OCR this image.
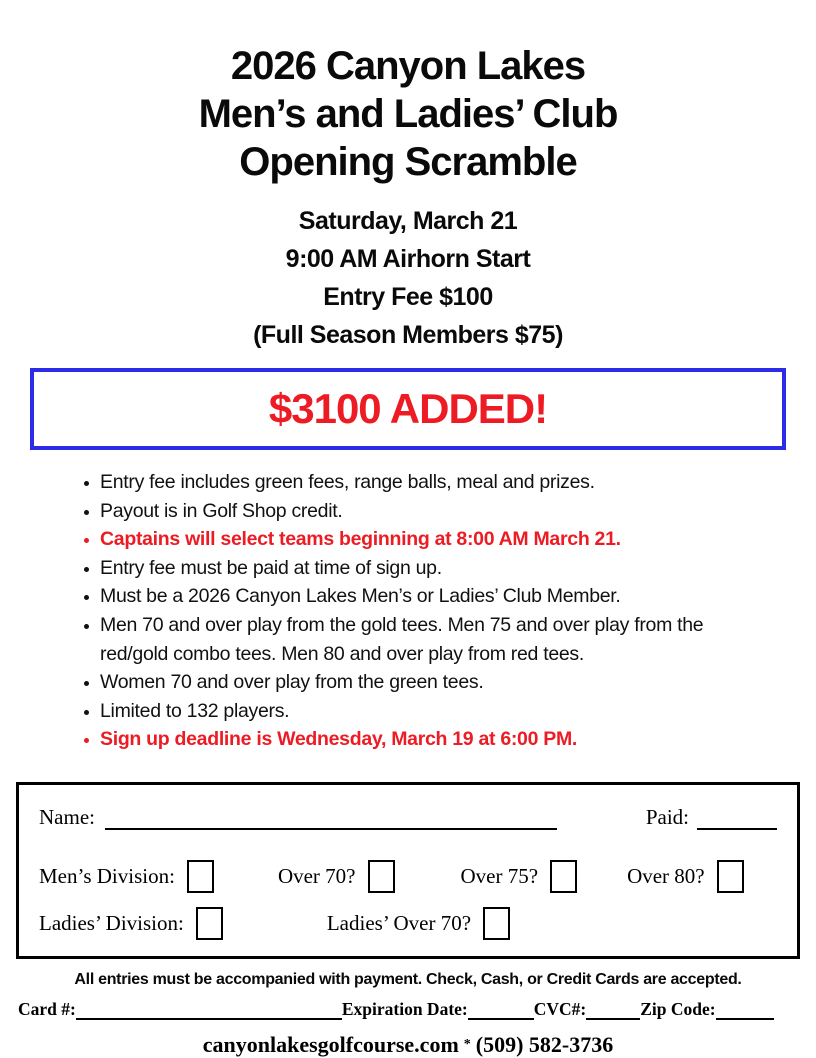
2026 Canyon Lakes
Men’s and Ladies’ Club
Opening Scramble
Saturday, March 21
9:00 AM Airhorn Start
Entry Fee $100
(Full Season Members $75)
$3100 ADDED!
Entry fee includes green fees, range balls, meal and prizes.
Payout is in Golf Shop credit.
Captains will select teams beginning at 8:00 AM March 21.
Entry fee must be paid at time of sign up.
Must be a 2026 Canyon Lakes Men’s or Ladies’ Club Member.
Men 70 and over play from the gold tees. Men 75 and over play from the red/gold combo tees. Men 80 and over play from red tees.
Women 70 and over play from the green tees.
Limited to 132 players.
Sign up deadline is Wednesday, March 19 at 6:00 PM.
Name:	Paid:
Men’s Division:	Over 70?	Over 75?	Over 80?
Ladies’ Division:	Ladies’ Over 70?
All entries must be accompanied with payment. Check, Cash, or Credit Cards are accepted.
Card #:	Expiration Date:	CVC#:	Zip Code:
canyonlakesgolfcourse.com * (509) 582-3736
